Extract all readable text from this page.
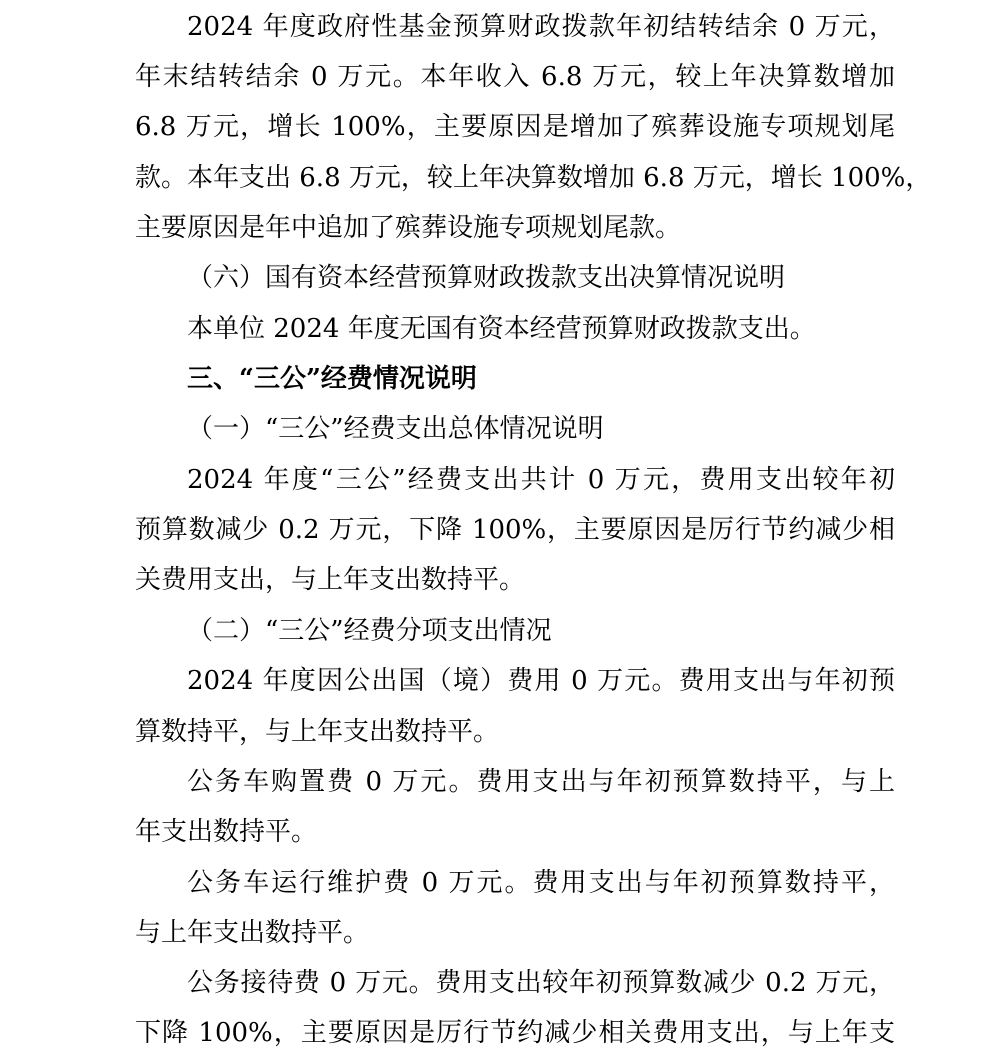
2024 年度政府性基金预算财政拨款年初结转结余 0 万元，
年末结转结余 0 万元。本年收入 6.8 万元，较上年决算数增加
6.8 万元，增长 100%，主要原因是增加了殡葬设施专项规划尾
款。本年支出 6.8 万元，较上年决算数增加 6.8 万元，增长 100%，
主要原因是年中追加了殡葬设施专项规划尾款。
（六）国有资本经营预算财政拨款支出决算情况说明
本单位 2024 年度无国有资本经营预算财政拨款支出。
三、“三公”经费情况说明
（一）“三公”经费支出总体情况说明
2024 年度“三公”经费支出共计 0 万元，费用支出较年初
预算数减少 0.2 万元，下降 100%，主要原因是厉行节约减少相
关费用支出，与上年支出数持平。
（二）“三公”经费分项支出情况
2024 年度因公出国（境）费用 0 万元。费用支出与年初预
算数持平，与上年支出数持平。
公务车购置费 0 万元。费用支出与年初预算数持平，与上
年支出数持平。
公务车运行维护费 0 万元。费用支出与年初预算数持平，
与上年支出数持平。
公务接待费 0 万元。费用支出较年初预算数减少 0.2 万元，
下降 100%，主要原因是厉行节约减少相关费用支出，与上年支
